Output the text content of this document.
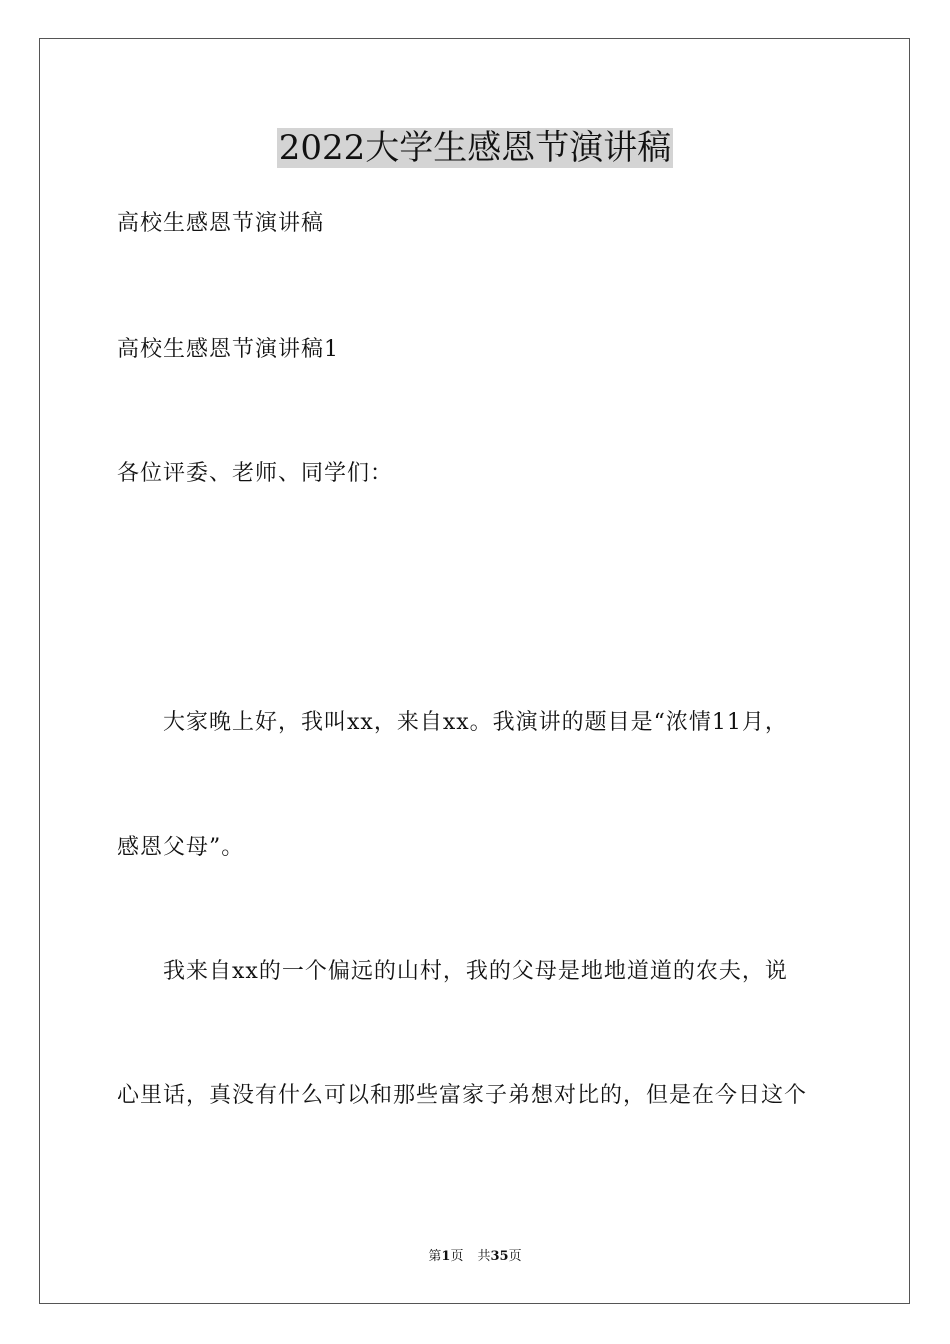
2022大学生感恩节演讲稿
高校生感恩节演讲稿
高校生感恩节演讲稿1
各位评委、老师、同学们：
大家晚上好，我叫xx，来自xx。我演讲的题目是“浓情11月，
感恩父母”。
我来自xx的一个偏远的山村，我的父母是地地道道的农夫，说
心里话，真没有什么可以和那些富家子弟想对比的，但是在今日这个
第1页 共35页
